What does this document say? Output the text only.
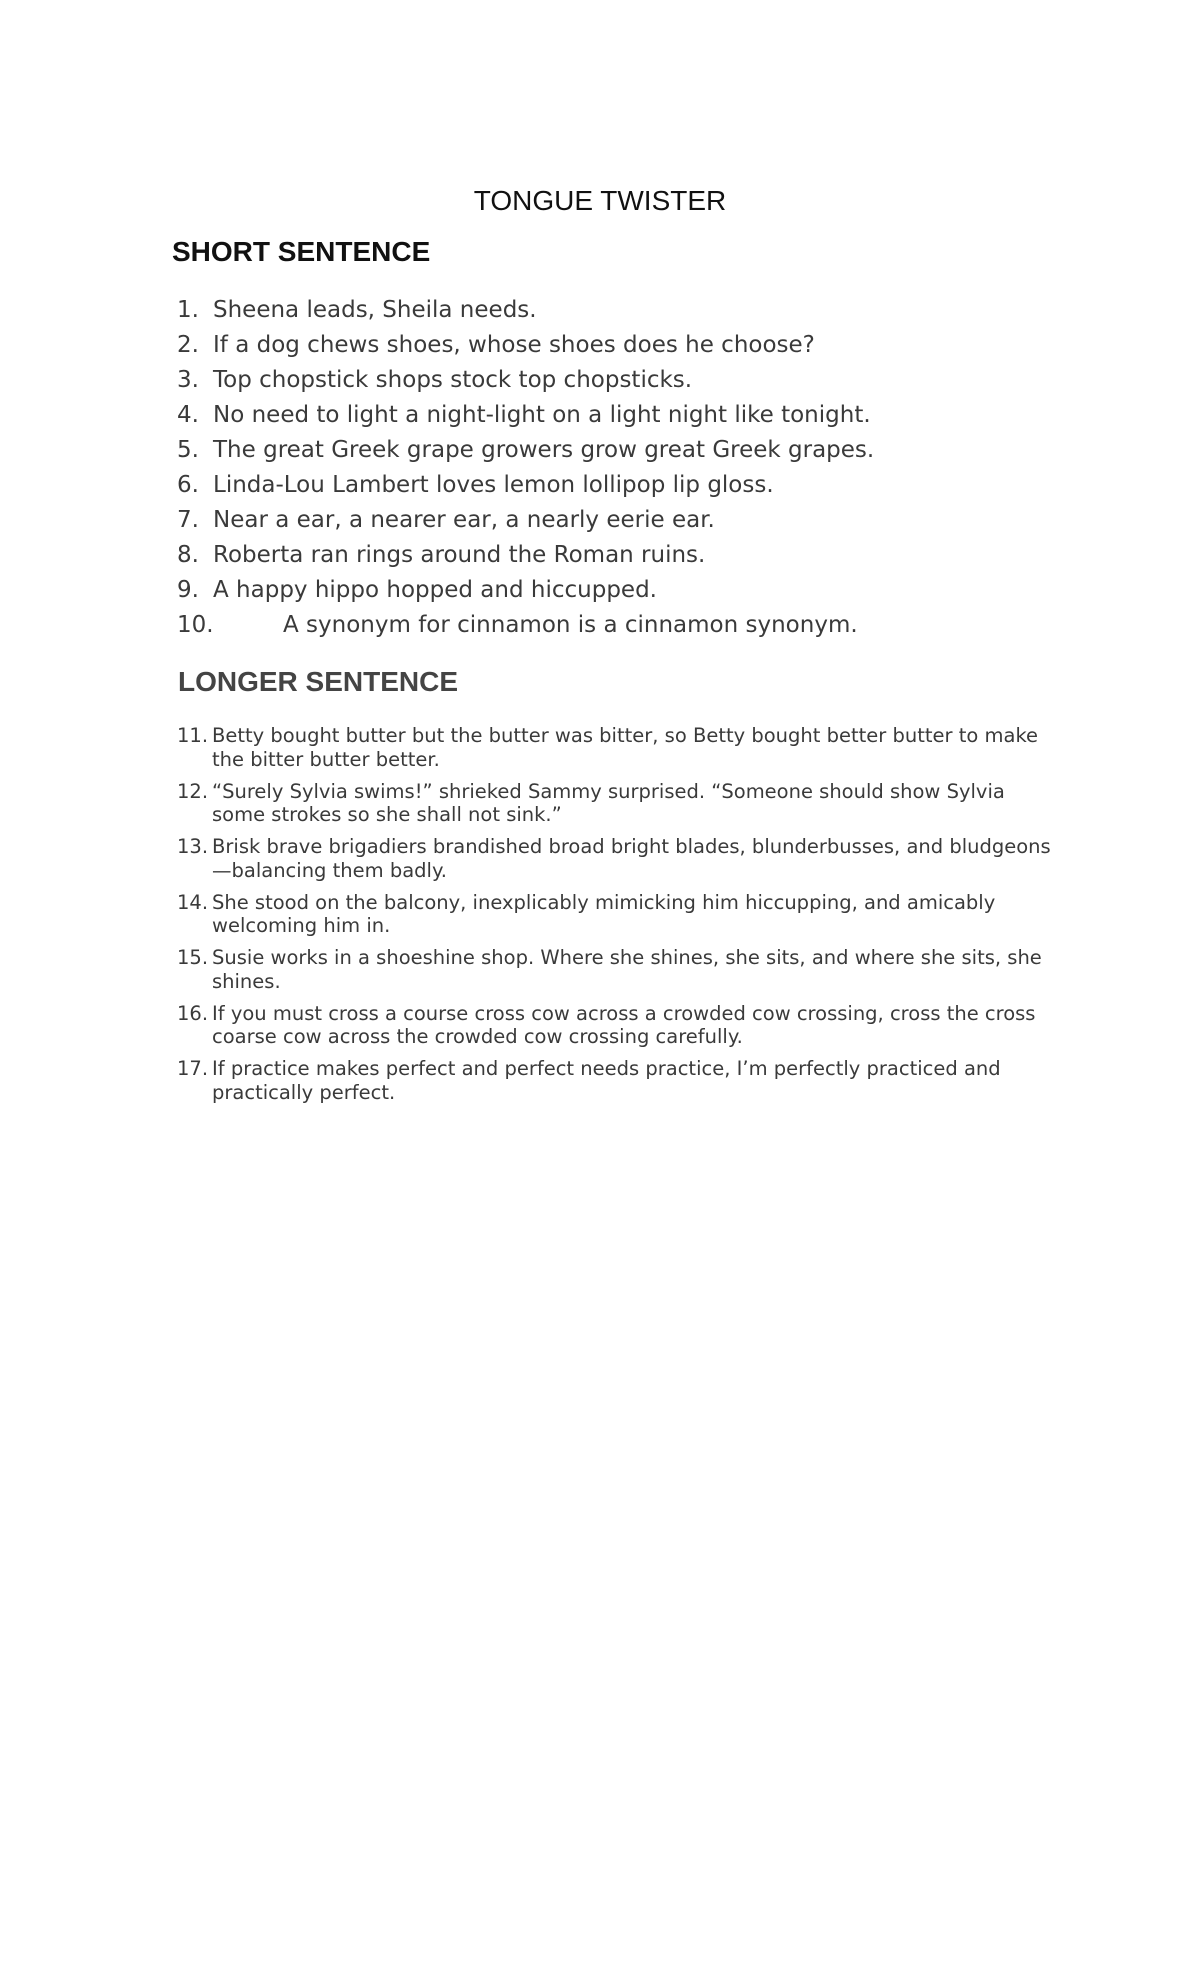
TONGUE TWISTER
SHORT SENTENCE
1. Sheena leads, Sheila needs.
2. If a dog chews shoes, whose shoes does he choose?
3. Top chopstick shops stock top chopsticks.
4. No need to light a night-light on a light night like tonight.
5. The great Greek grape growers grow great Greek grapes.
6. Linda-Lou Lambert loves lemon lollipop lip gloss.
7. Near a ear, a nearer ear, a nearly eerie ear.
8. Roberta ran rings around the Roman ruins.
9. A happy hippo hopped and hiccupped.
10.	A synonym for cinnamon is a cinnamon synonym.
LONGER SENTENCE
11. Betty bought butter but the butter was bitter, so Betty bought better butter to make the bitter butter better.
12. “Surely Sylvia swims!” shrieked Sammy surprised. “Someone should show Sylvia some strokes so she shall not sink.”
13. Brisk brave brigadiers brandished broad bright blades, blunderbusses, and bludgeons—balancing them badly.
14. She stood on the balcony, inexplicably mimicking him hiccupping, and amicably welcoming him in.
15. Susie works in a shoeshine shop. Where she shines, she sits, and where she sits, she shines.
16. If you must cross a course cross cow across a crowded cow crossing, cross the cross coarse cow across the crowded cow crossing carefully.
17. If practice makes perfect and perfect needs practice, I’m perfectly practiced and practically perfect.
